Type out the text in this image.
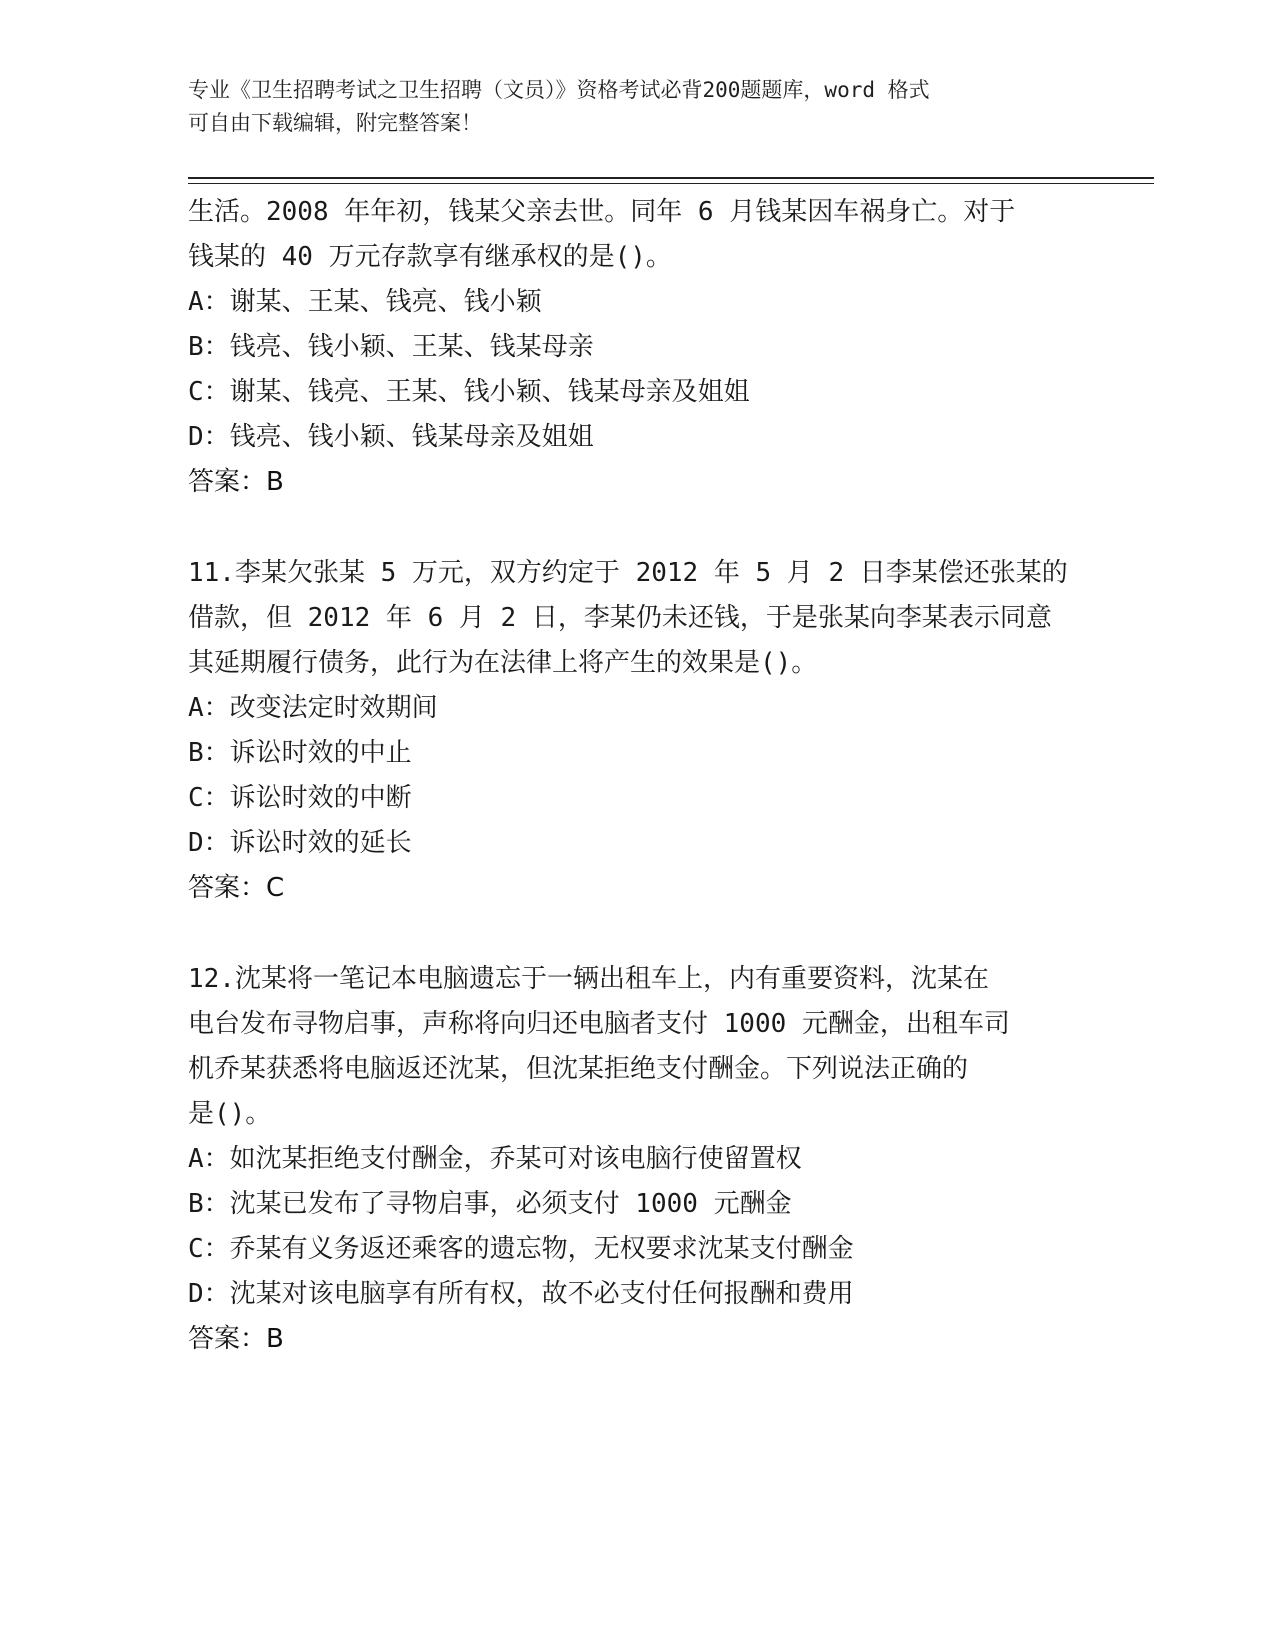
专业《卫生招聘考试之卫生招聘（文员）》资格考试必背200题题库，word 格式
可自由下载编辑，附完整答案！
生活。2008 年年初，钱某父亲去世。同年 6 月钱某因车祸身亡。对于
钱某的 40 万元存款享有继承权的是()。
A：谢某、王某、钱亮、钱小颖
B：钱亮、钱小颖、王某、钱某母亲
C：谢某、钱亮、王某、钱小颖、钱某母亲及姐姐
D：钱亮、钱小颖、钱某母亲及姐姐
答案：B
11.李某欠张某 5 万元，双方约定于 2012 年 5 月 2 日李某偿还张某的
借款，但 2012 年 6 月 2 日，李某仍未还钱，于是张某向李某表示同意
其延期履行债务，此行为在法律上将产生的效果是()。
A：改变法定时效期间
B：诉讼时效的中止
C：诉讼时效的中断
D：诉讼时效的延长
答案：C
12.沈某将一笔记本电脑遗忘于一辆出租车上，内有重要资料，沈某在
电台发布寻物启事，声称将向归还电脑者支付 1000 元酬金，出租车司
机乔某获悉将电脑返还沈某，但沈某拒绝支付酬金。下列说法正确的
是()。
A：如沈某拒绝支付酬金，乔某可对该电脑行使留置权
B：沈某已发布了寻物启事，必须支付 1000 元酬金
C：乔某有义务返还乘客的遗忘物，无权要求沈某支付酬金
D：沈某对该电脑享有所有权，故不必支付任何报酬和费用
答案：B
